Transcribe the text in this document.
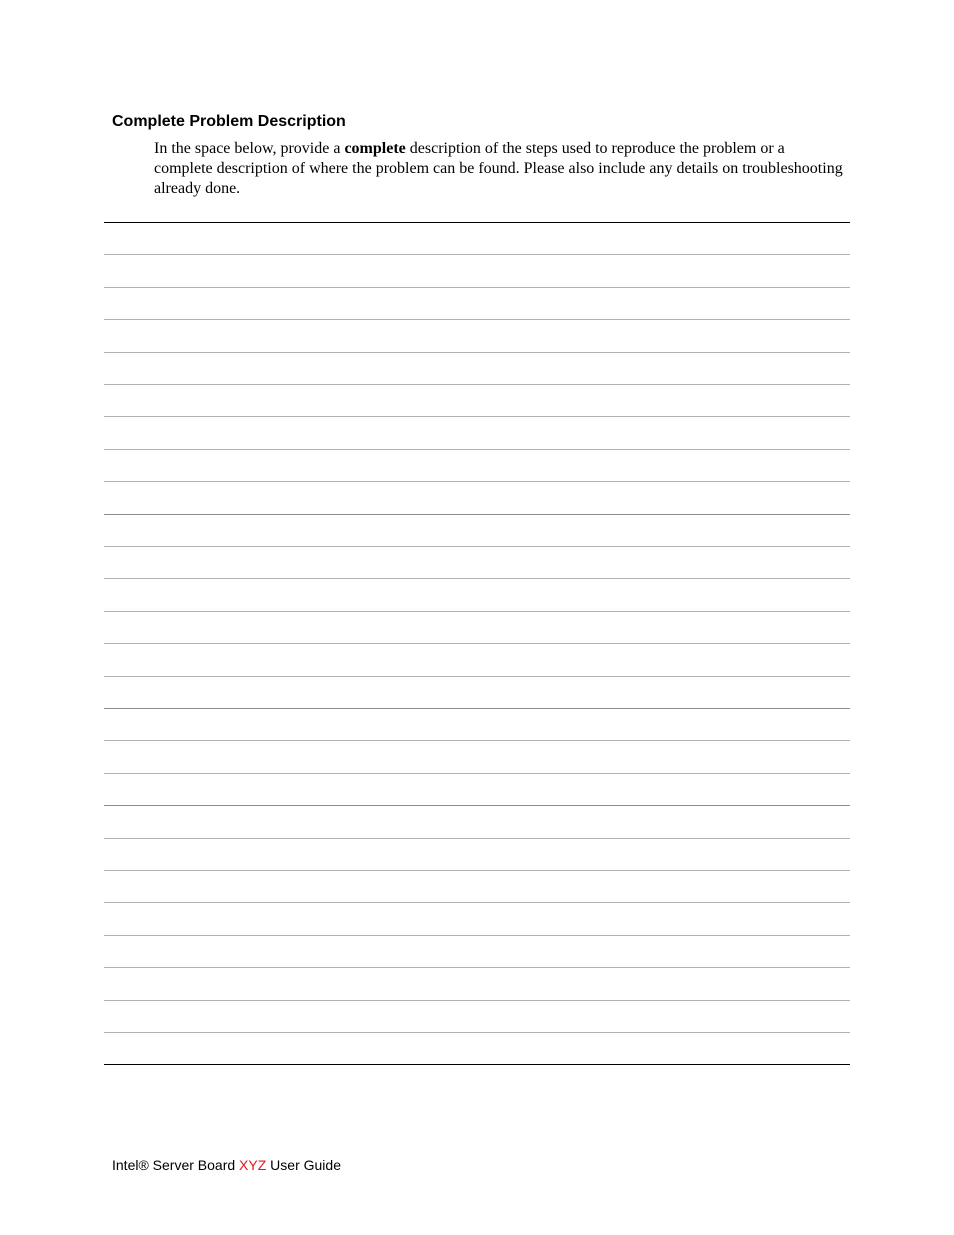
Complete Problem Description

In the space below, provide a complete description of the steps used to reproduce the problem or a complete description of where the problem can be found. Please also include any details on troubleshooting already done.

Intel® Server Board XYZ User Guide
